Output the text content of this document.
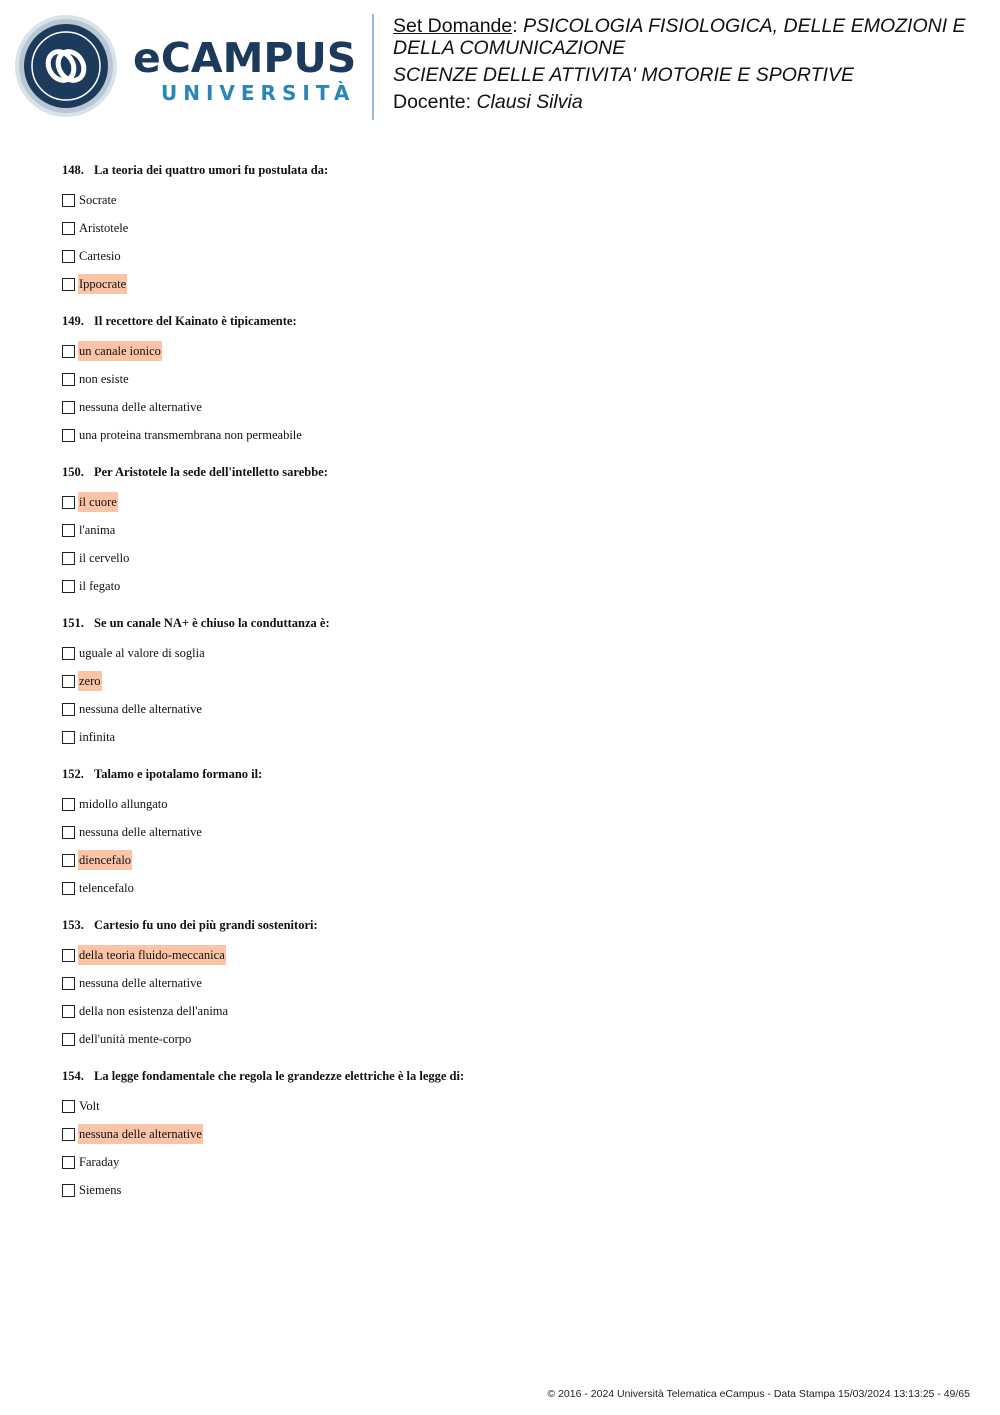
eCAMPUS
UNIVERSITÀ
Set Domande: PSICOLOGIA FISIOLOGICA, DELLE EMOZIONI E DELLA COMUNICAZIONE
SCIENZE DELLE ATTIVITA' MOTORIE E SPORTIVE
Docente: Clausi Silvia
148. La teoria dei quattro umori fu postulata da:
Socrate
Aristotele
Cartesio
Ippocrate
149. Il recettore del Kainato è tipicamente:
un canale ionico
non esiste
nessuna delle alternative
una proteina transmembrana non permeabile
150. Per Aristotele la sede dell'intelletto sarebbe:
il cuore
l'anima
il cervello
il fegato
151. Se un canale NA+ è chiuso la conduttanza è:
uguale al valore di soglia
zero
nessuna delle alternative
infinita
152. Talamo e ipotalamo formano il:
midollo allungato
nessuna delle alternative
diencefalo
telencefalo
153. Cartesio fu uno dei più grandi sostenitori:
della teoria fluido-meccanica
nessuna delle alternative
della non esistenza dell'anima
dell'unità mente-corpo
154. La legge fondamentale che regola le grandezze elettriche è la legge di:
Volt
nessuna delle alternative
Faraday
Siemens
© 2016 - 2024 Università Telematica eCampus - Data Stampa 15/03/2024 13:13:25 - 49/65
